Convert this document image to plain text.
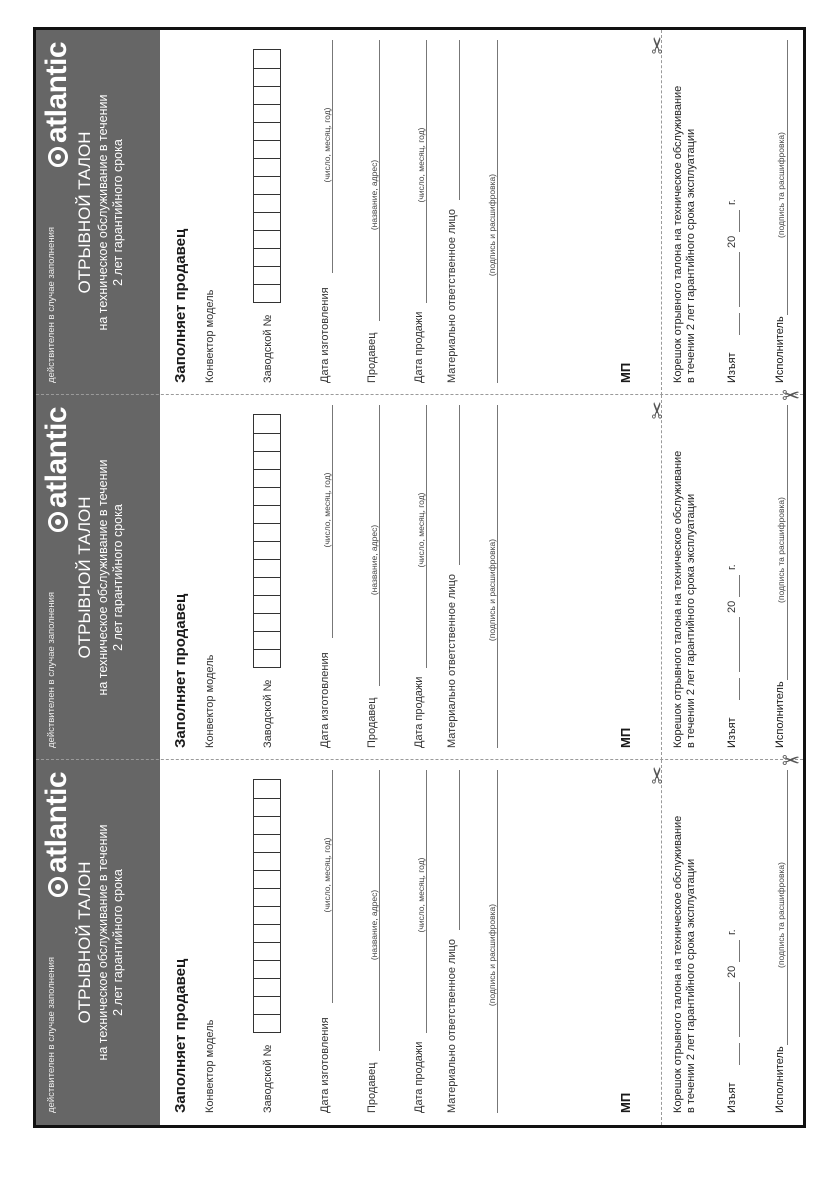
действителен в случае заполнения
atlantic
ОТРЫВНОЙ ТАЛОН на техническое обслуживание в течении 2 лет гарантийного срока
Заполняет продавец Конвектор модель	Заводской №	Дата изготовления
(число, месяц, год)
Продавец
(название, адрес)
Дата продажи
(число, месяц, год)
Материально ответственное лицо	(подпись и расшифровка)
МП
✂
Корешок отрывного талона на техническое обслуживание в течении 2 лет гарантийного срока эксплуатации	Изъят
20
г.
Исполнитель
(подпись та расшифровка)
действителен в случае заполнения
atlantic
ОТРЫВНОЙ ТАЛОН на техническое обслуживание в течении 2 лет гарантийного срока
Заполняет продавец Конвектор модель	Заводской №	Дата изготовления
(число, месяц, год)
Продавец
(название, адрес)
Дата продажи
(число, месяц, год)
Материально ответственное лицо	(подпись и расшифровка)
МП
✂
Корешок отрывного талона на техническое обслуживание в течении 2 лет гарантийного срока эксплуатации	Изъят
20
г.
Исполнитель
(подпись та расшифровка)
действителен в случае заполнения
atlantic
ОТРЫВНОЙ ТАЛОН на техническое обслуживание в течении 2 лет гарантийного срока
Заполняет продавец Конвектор модель	Заводской №	Дата изготовления
(число, месяц, год)
Продавец
(название, адрес)
Дата продажи
(число, месяц, год)
Материально ответственное лицо	(подпись и расшифровка)
МП
✂
Корешок отрывного талона на техническое обслуживание в течении 2 лет гарантийного срока эксплуатации	Изъят
20
г.
Исполнитель
(подпись та расшифровка)
✂
✂
